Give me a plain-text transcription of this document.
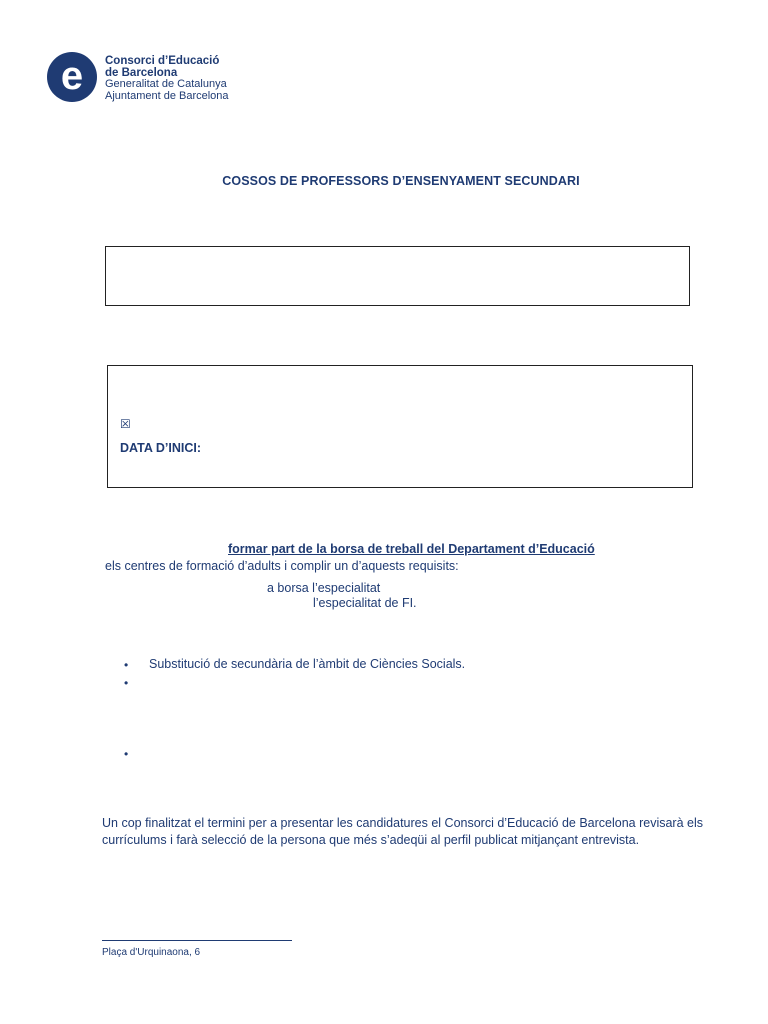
e Consorci d’Educació
de Barcelona
Generalitat de Catalunya
Ajuntament de Barcelona
COSSOS DE PROFESSORS D’ENSENYAMENT SECUNDARI
☒
DATA D’INICI:
formar part de la borsa de treball del Departament d’Educació
els centres de formació d’adults i complir un d’aquests requisits:
a borsa l’especialitat
l’especialitat de FI.
• Substitució de secundària de l’àmbit de Ciències Socials.
•
•
Un cop finalitzat el termini per a presentar les candidatures el Consorci d’Educació de Barcelona revisarà els currículums i farà selecció de la persona que més s’adeqüi al perfil publicat mitjançant entrevista.
Plaça d'Urquinaona, 6
